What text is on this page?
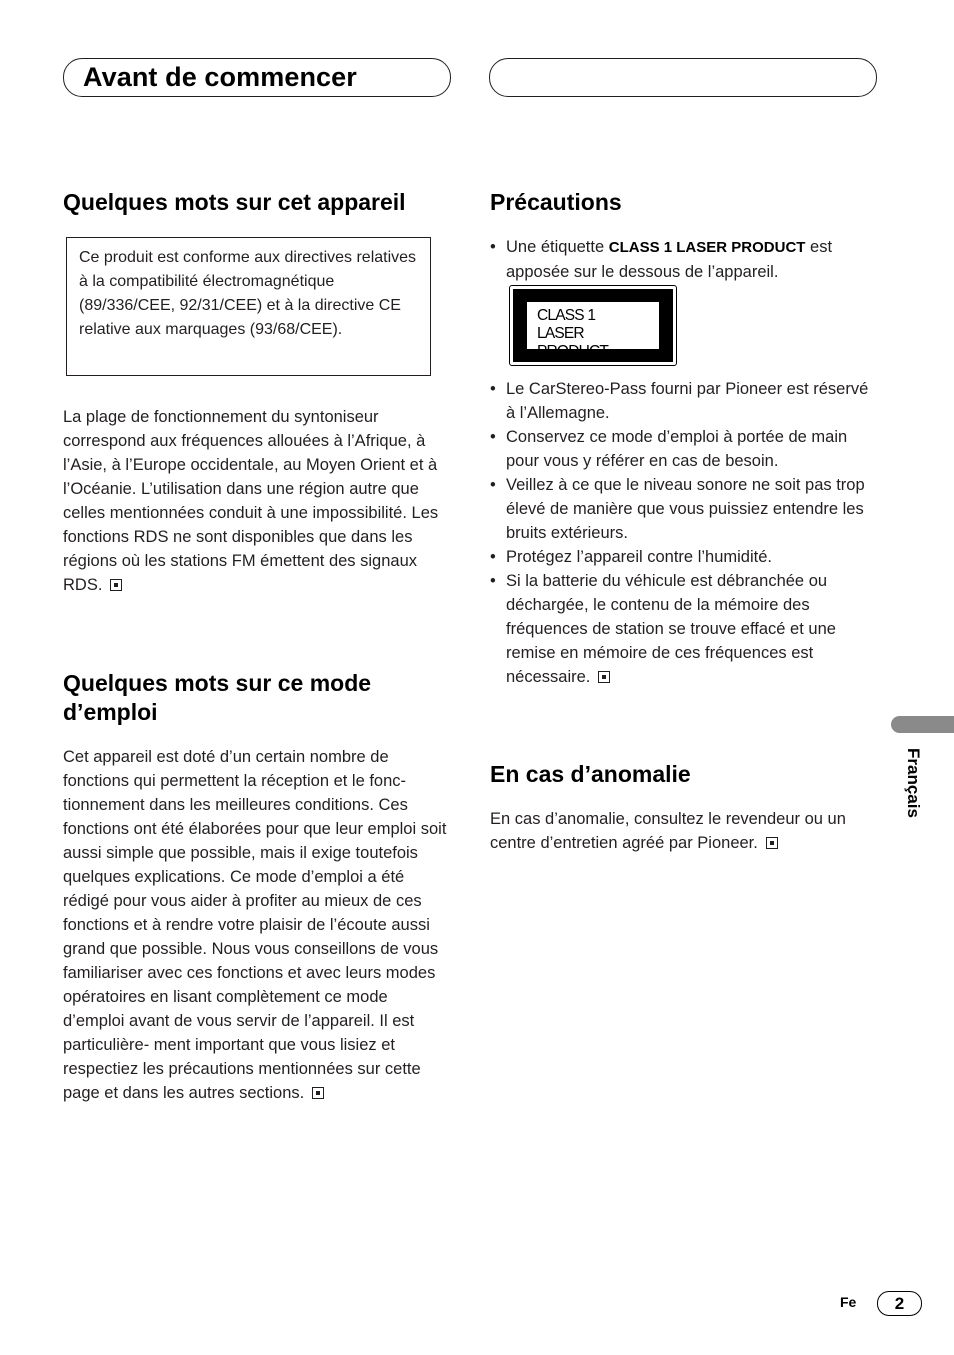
Avant de commencer
Quelques mots sur cet appareil
Ce produit est conforme aux directives relatives à la compatibilité électromagnétique (89/336/CEE, 92/31/CEE) et à la directive CE relative aux marquages (93/68/CEE).

La plage de fonctionnement du syntoniseur correspond aux fréquences allouées à l’Afrique, à l’Asie, à l’Europe occidentale, au Moyen Orient et à l’Océanie. L’utilisation dans une région autre que celles mentionnées conduit à une impossibilité. Les fonctions RDS ne sont disponibles que dans les régions où les stations FM émettent des signaux RDS.

Quelques mots sur ce mode d’emploi

Cet appareil est doté d’un certain nombre de fonctions qui permettent la réception et le fonc- tionnement dans les meilleures conditions. Ces fonctions ont été élaborées pour que leur emploi soit aussi simple que possible, mais il exige toutefois quelques explications. Ce mode d’emploi a été rédigé pour vous aider à profiter au mieux de ces fonctions et à rendre votre plaisir de l’écoute aussi grand que possible. Nous vous conseillons de vous familiariser avec ces fonctions et avec leurs modes opératoires en lisant complètement ce mode d’emploi avant de vous servir de l’appareil. Il est particulière- ment important que vous lisiez et respectiez les précautions mentionnées sur cette page et dans les autres sections.

Précautions
• Une étiquette CLASS 1 LASER PRODUCT est apposée sur le dessous de l’appareil.
CLASS 1
LASER PRODUCT
• Le CarStereo-Pass fourni par Pioneer est réservé à l’Allemagne.
• Conservez ce mode d’emploi à portée de main pour vous y référer en cas de besoin.
• Veillez à ce que le niveau sonore ne soit pas trop élevé de manière que vous puissiez entendre les bruits extérieurs.
• Protégez l’appareil contre l’humidité.
• Si la batterie du véhicule est débranchée ou déchargée, le contenu de la mémoire des fréquences de station se trouve effacé et une remise en mémoire de ces fréquences est nécessaire.
En cas d’anomalie

En cas d’anomalie, consultez le revendeur ou un centre d’entretien agréé par Pioneer.

Français
Fe	2
